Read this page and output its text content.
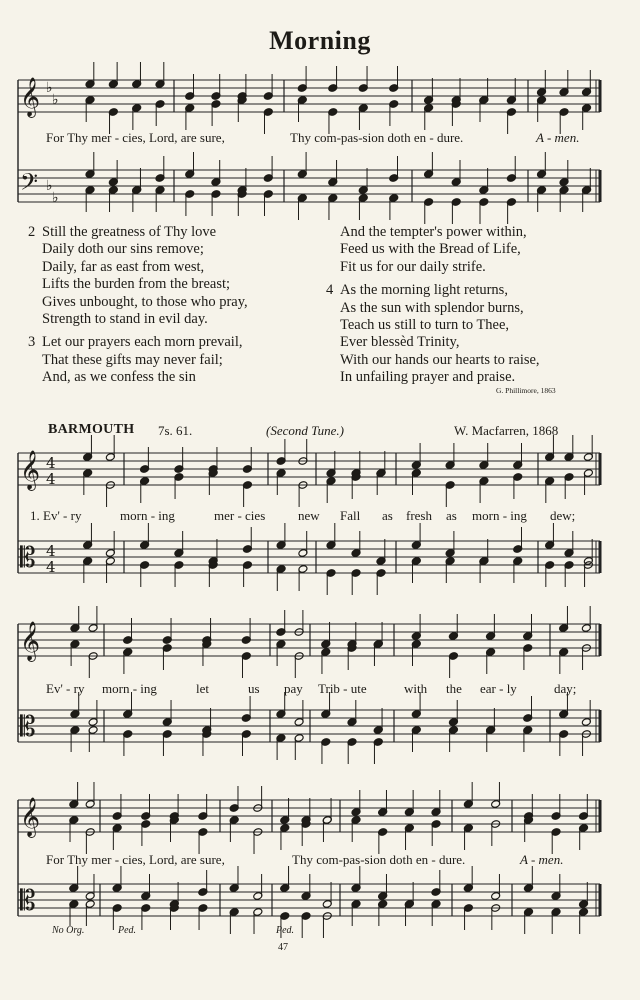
Morning
𝄞
𝄢
♭
♭
♭
♭
𝄞
𝄡
4
4
4
4
𝄞
𝄡
𝄞
𝄡
For Thy mer - cies, Lord, are sure,	Thy com-pas-sion doth en - dure.	A - men.
2 Still the greatness of Thy love
Daily doth our sins remove;
Daily, far as east from west,
Lifts the burden from the breast;
Gives unbought, to those who pray,
Strength to stand in evil day.
3 Let our prayers each morn prevail,
That these gifts may never fail;
And, as we confess the sin
And the tempter's power within,
Feed us with the Bread of Life,
Fit us for our daily strife.
4 As the morning light returns,
As the sun with splendor burns,
Teach us still to turn to Thee,
Ever blessèd Trinity,
With our hands our hearts to raise,
In unfailing prayer and praise.
G. Phillimore, 1863
BARMOUTH 7s. 61.	(Second Tune.)	W. Macfarren, 1868
1. Ev' - ry	morn - ing	mer - cies	new Fall as fresh as morn - ing dew;
Ev' - ry morn - ing	let	us pay Trib - ute	with the ear - ly	day;
For Thy mer - cies, Lord, are sure,	Thy com-pas-sion doth en - dure.	A - men.
No Org.	Ped.	Ped.
47
